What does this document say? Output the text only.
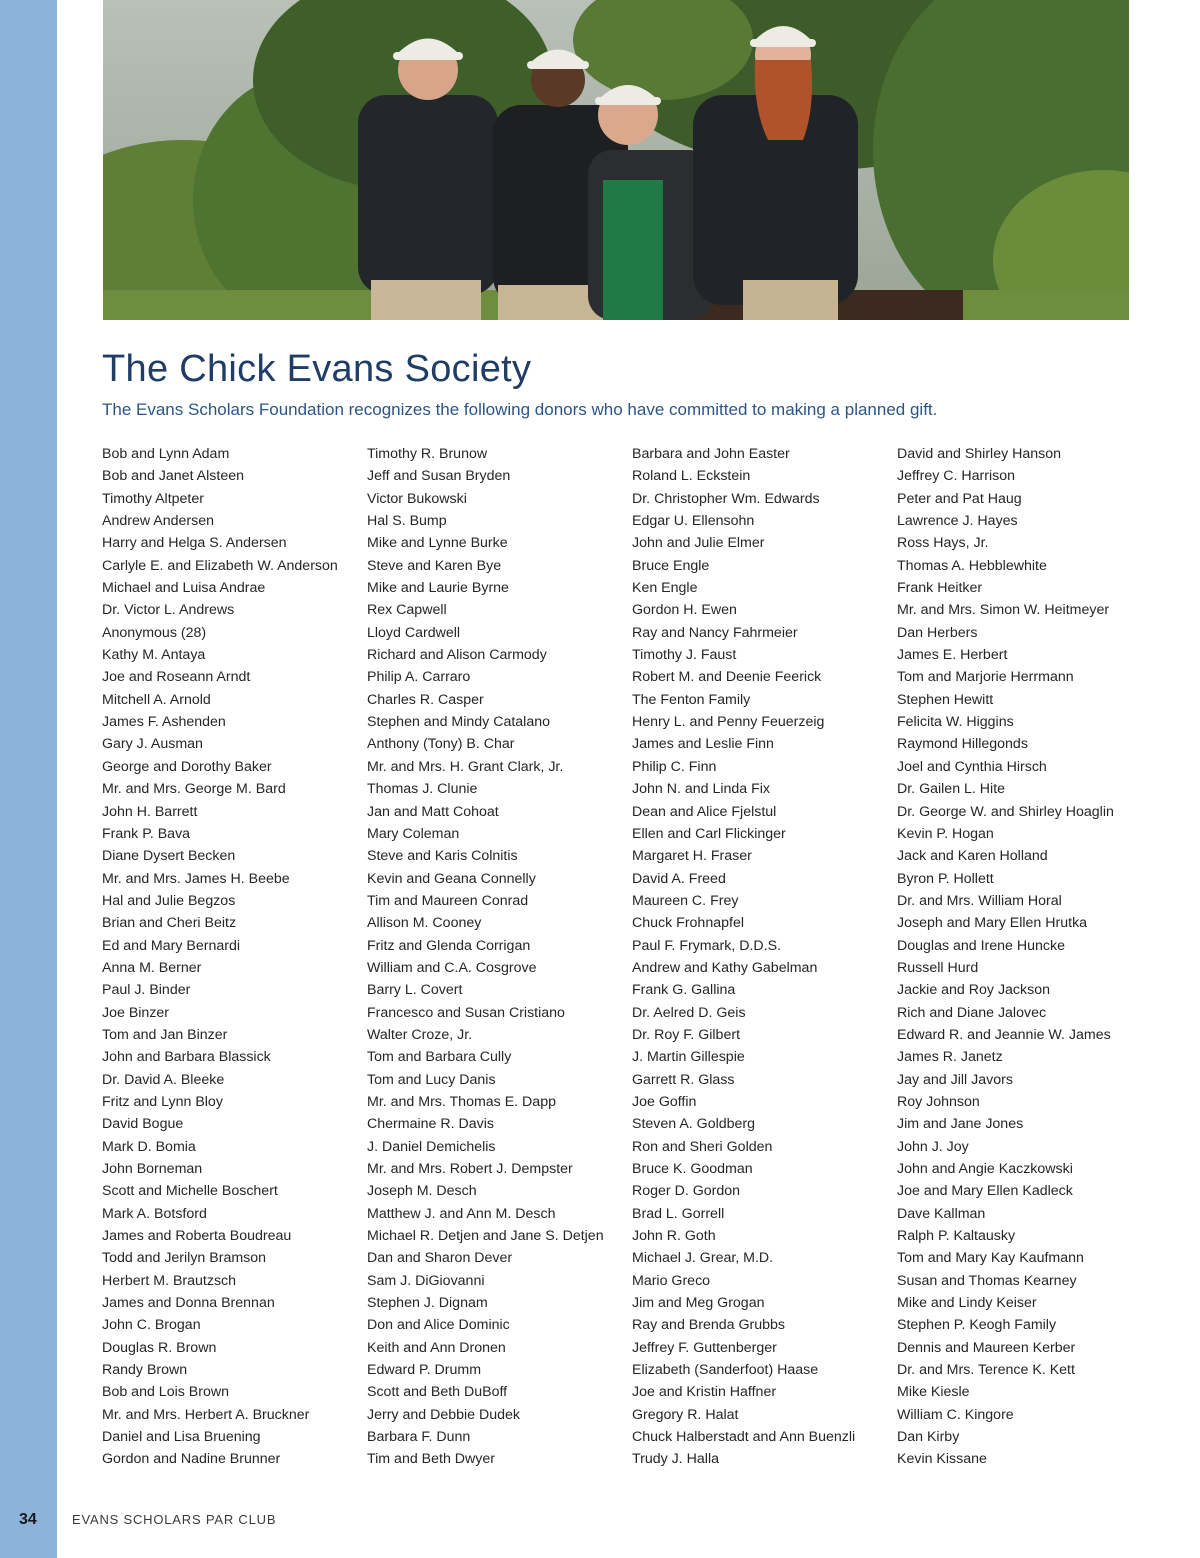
The Chick Evans Society

The Evans Scholars Foundation recognizes the following donors who have committed to making a planned gift.

Bob and Lynn Adam
Bob and Janet Alsteen
Timothy Altpeter
Andrew Andersen
Harry and Helga S. Andersen
Carlyle E. and Elizabeth W. Anderson
Michael and Luisa Andrae
Dr. Victor L. Andrews
Anonymous (28)
Kathy M. Antaya
Joe and Roseann Arndt
Mitchell A. Arnold
James F. Ashenden
Gary J. Ausman
George and Dorothy Baker
Mr. and Mrs. George M. Bard
John H. Barrett
Frank P. Bava
Diane Dysert Becken
Mr. and Mrs. James H. Beebe
Hal and Julie Begzos
Brian and Cheri Beitz
Ed and Mary Bernardi
Anna M. Berner
Paul J. Binder
Joe Binzer
Tom and Jan Binzer
John and Barbara Blassick
Dr. David A. Bleeke
Fritz and Lynn Bloy
David Bogue
Mark D. Bomia
John Borneman
Scott and Michelle Boschert
Mark A. Botsford
James and Roberta Boudreau
Todd and Jerilyn Bramson
Herbert M. Brautzsch
James and Donna Brennan
John C. Brogan
Douglas R. Brown
Randy Brown
Bob and Lois Brown
Mr. and Mrs. Herbert A. Bruckner
Daniel and Lisa Bruening
Gordon and Nadine Brunner
Timothy R. Brunow
Jeff and Susan Bryden
Victor Bukowski
Hal S. Bump
Mike and Lynne Burke
Steve and Karen Bye
Mike and Laurie Byrne
Rex Capwell
Lloyd Cardwell
Richard and Alison Carmody
Philip A. Carraro
Charles R. Casper
Stephen and Mindy Catalano
Anthony (Tony) B. Char
Mr. and Mrs. H. Grant Clark, Jr.
Thomas J. Clunie
Jan and Matt Cohoat
Mary Coleman
Steve and Karis Colnitis
Kevin and Geana Connelly
Tim and Maureen Conrad
Allison M. Cooney
Fritz and Glenda Corrigan
William and C.A. Cosgrove
Barry L. Covert
Francesco and Susan Cristiano
Walter Croze, Jr.
Tom and Barbara Cully
Tom and Lucy Danis
Mr. and Mrs. Thomas E. Dapp
Chermaine R. Davis
J. Daniel Demichelis
Mr. and Mrs. Robert J. Dempster
Joseph M. Desch
Matthew J. and Ann M. Desch
Michael R. Detjen and Jane S. Detjen
Dan and Sharon Dever
Sam J. DiGiovanni
Stephen J. Dignam
Don and Alice Dominic
Keith and Ann Dronen
Edward P. Drumm
Scott and Beth DuBoff
Jerry and Debbie Dudek
Barbara F. Dunn
Tim and Beth Dwyer
Barbara and John Easter
Roland L. Eckstein
Dr. Christopher Wm. Edwards
Edgar U. Ellensohn
John and Julie Elmer
Bruce Engle
Ken Engle
Gordon H. Ewen
Ray and Nancy Fahrmeier
Timothy J. Faust
Robert M. and Deenie Feerick
The Fenton Family
Henry L. and Penny Feuerzeig
James and Leslie Finn
Philip C. Finn
John N. and Linda Fix
Dean and Alice Fjelstul
Ellen and Carl Flickinger
Margaret H. Fraser
David A. Freed
Maureen C. Frey
Chuck Frohnapfel
Paul F. Frymark, D.D.S.
Andrew and Kathy Gabelman
Frank G. Gallina
Dr. Aelred D. Geis
Dr. Roy F. Gilbert
J. Martin Gillespie
Garrett R. Glass
Joe Goffin
Steven A. Goldberg
Ron and Sheri Golden
Bruce K. Goodman
Roger D. Gordon
Brad L. Gorrell
John R. Goth
Michael J. Grear, M.D.
Mario Greco
Jim and Meg Grogan
Ray and Brenda Grubbs
Jeffrey F. Guttenberger
Elizabeth (Sanderfoot) Haase
Joe and Kristin Haffner
Gregory R. Halat
Chuck Halberstadt and Ann Buenzli
Trudy J. Halla
David and Shirley Hanson
Jeffrey C. Harrison
Peter and Pat Haug
Lawrence J. Hayes
Ross Hays, Jr.
Thomas A. Hebblewhite
Frank Heitker
Mr. and Mrs. Simon W. Heitmeyer
Dan Herbers
James E. Herbert
Tom and Marjorie Herrmann
Stephen Hewitt
Felicita W. Higgins
Raymond Hillegonds
Joel and Cynthia Hirsch
Dr. Gailen L. Hite
Dr. George W. and Shirley Hoaglin
Kevin P. Hogan
Jack and Karen Holland
Byron P. Hollett
Dr. and Mrs. William Horal
Joseph and Mary Ellen Hrutka
Douglas and Irene Huncke
Russell Hurd
Jackie and Roy Jackson
Rich and Diane Jalovec
Edward R. and Jeannie W. James
James R. Janetz
Jay and Jill Javors
Roy Johnson
Jim and Jane Jones
John J. Joy
John and Angie Kaczkowski
Joe and Mary Ellen Kadleck
Dave Kallman
Ralph P. Kaltausky
Tom and Mary Kay Kaufmann
Susan and Thomas Kearney
Mike and Lindy Keiser
Stephen P. Keogh Family
Dennis and Maureen Kerber
Dr. and Mrs. Terence K. Kett
Mike Kiesle
William C. Kingore
Dan Kirby
Kevin Kissane
34	EVANS SCHOLARS PAR CLUB
